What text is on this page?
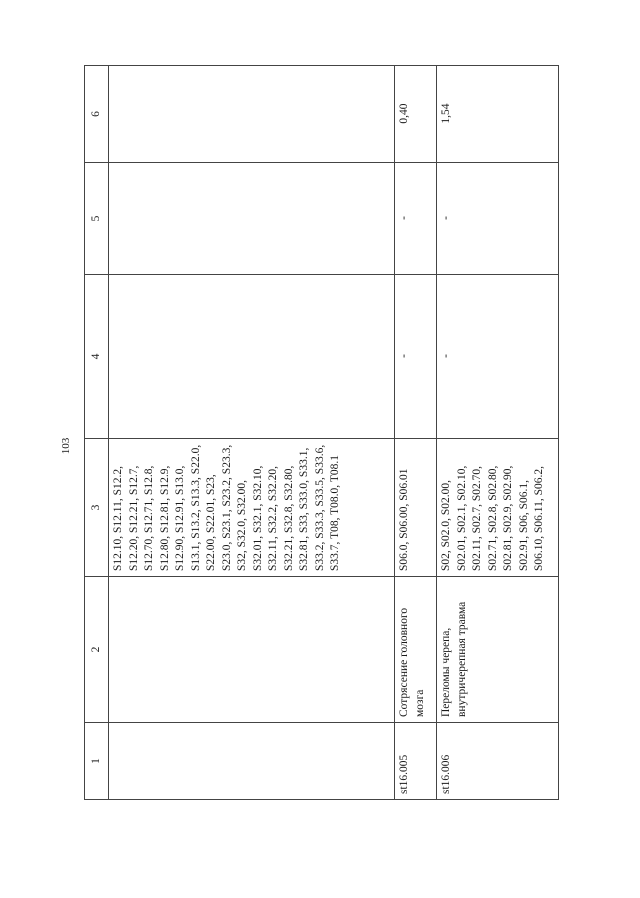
103
1	2	3	4	5	6
		S12.10, S12.11, S12.2, S12.20, S12.21, S12.7, S12.70, S12.71, S12.8, S12.80, S12.81, S12.9, S12.90, S12.91, S13.0, S13.1, S13.2, S13.3, S22.0, S22.00, S22.01, S23, S23.0, S23.1, S23.2, S23.3, S32, S32.0, S32.00, S32.01, S32.1, S32.10, S32.11, S32.2, S32.20, S32.21, S32.8, S32.80, S32.81, S33, S33.0, S33.1, S33.2, S33.3, S33.5, S33.6, S33.7, T08, T08.0, T08.1			
st16.005	Сотрясение головного мозга	S06.0, S06.00, S06.01	-	-	0,40
st16.006	Переломы черепа, внутричерепная травма	S02, S02.0, S02.00, S02.01, S02.1, S02.10, S02.11, S02.7, S02.70, S02.71, S02.8, S02.80, S02.81, S02.9, S02.90, S02.91, S06, S06.1, S06.10, S06.11, S06.2,	-	-	1,54
